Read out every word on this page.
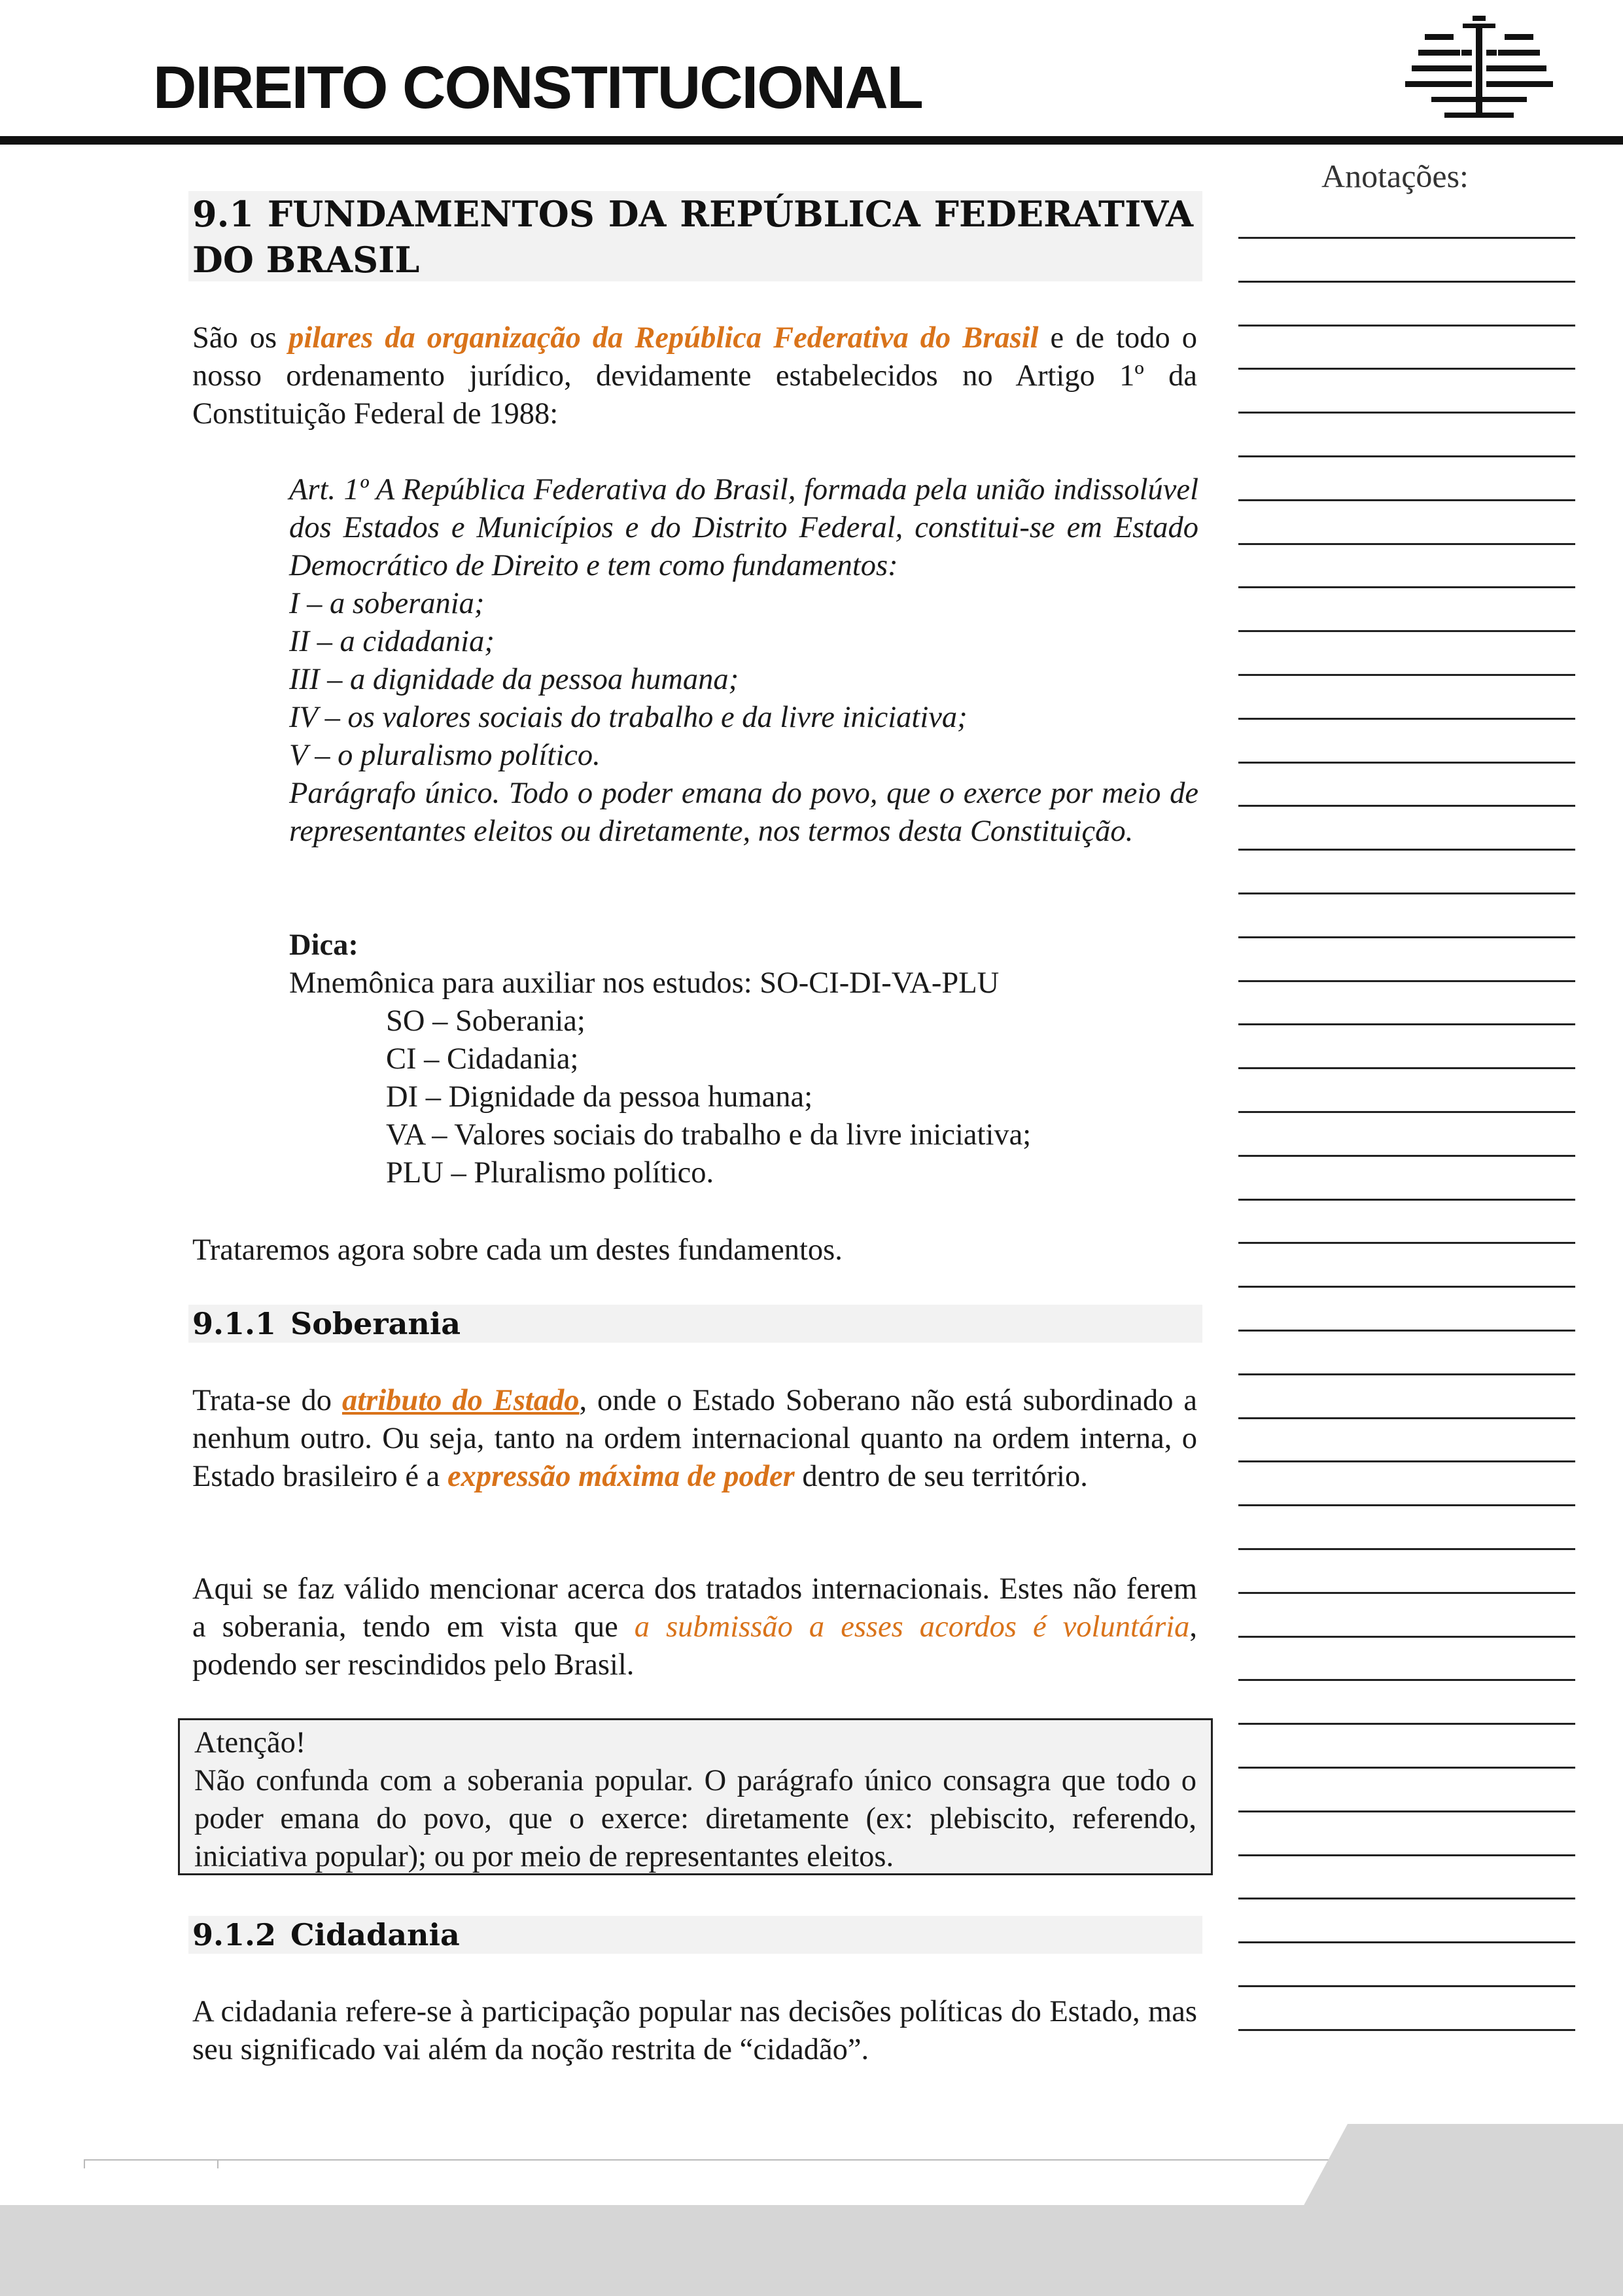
DIREITO CONSTITUCIONAL
Anotações:
9.1 FUNDAMENTOS DA REPÚBLICA FEDERATIVA
DO BRASIL

São os pilares da organização da República Federativa do Brasil e de todo o nosso ordenamento jurídico, devidamente estabelecidos no Artigo 1º da Constituição Federal de 1988:

Art. 1º A República Federativa do Brasil, formada pela união indissolúvel dos Estados e Municípios e do Distrito Federal, constitui-se em Estado Democrático de Direito e tem como fundamentos:
I – a soberania;
II – a cidadania;
III – a dignidade da pessoa humana;
IV – os valores sociais do trabalho e da livre iniciativa;
V – o pluralismo político.
Parágrafo único. Todo o poder emana do povo, que o exerce por meio de representantes eleitos ou diretamente, nos termos desta Constituição.
Dica:
Mnemônica para auxiliar nos estudos: SO-CI-DI-VA-PLU
SO – Soberania;
CI – Cidadania;
DI – Dignidade da pessoa humana;
VA – Valores sociais do trabalho e da livre iniciativa;
PLU – Pluralismo político.

Trataremos agora sobre cada um destes fundamentos.

9.1.1 Soberania

Trata-se do atributo do Estado, onde o Estado Soberano não está subordinado a nenhum outro. Ou seja, tanto na ordem internacional quanto na ordem interna, o Estado brasileiro é a expressão máxima de poder dentro de seu território.

Aqui se faz válido mencionar acerca dos tratados internacionais. Estes não ferem a soberania, tendo em vista que a submissão a esses acordos é voluntária, podendo ser rescindidos pelo Brasil.

Atenção!
Não confunda com a soberania popular. O parágrafo único consagra que todo o poder emana do povo, que o exerce: diretamente (ex: plebiscito, referendo, iniciativa popular); ou por meio de representantes eleitos.
9.1.2 Cidadania

A cidadania refere-se à participação popular nas decisões políticas do Estado, mas seu significado vai além da noção restrita de “cidadão”.
